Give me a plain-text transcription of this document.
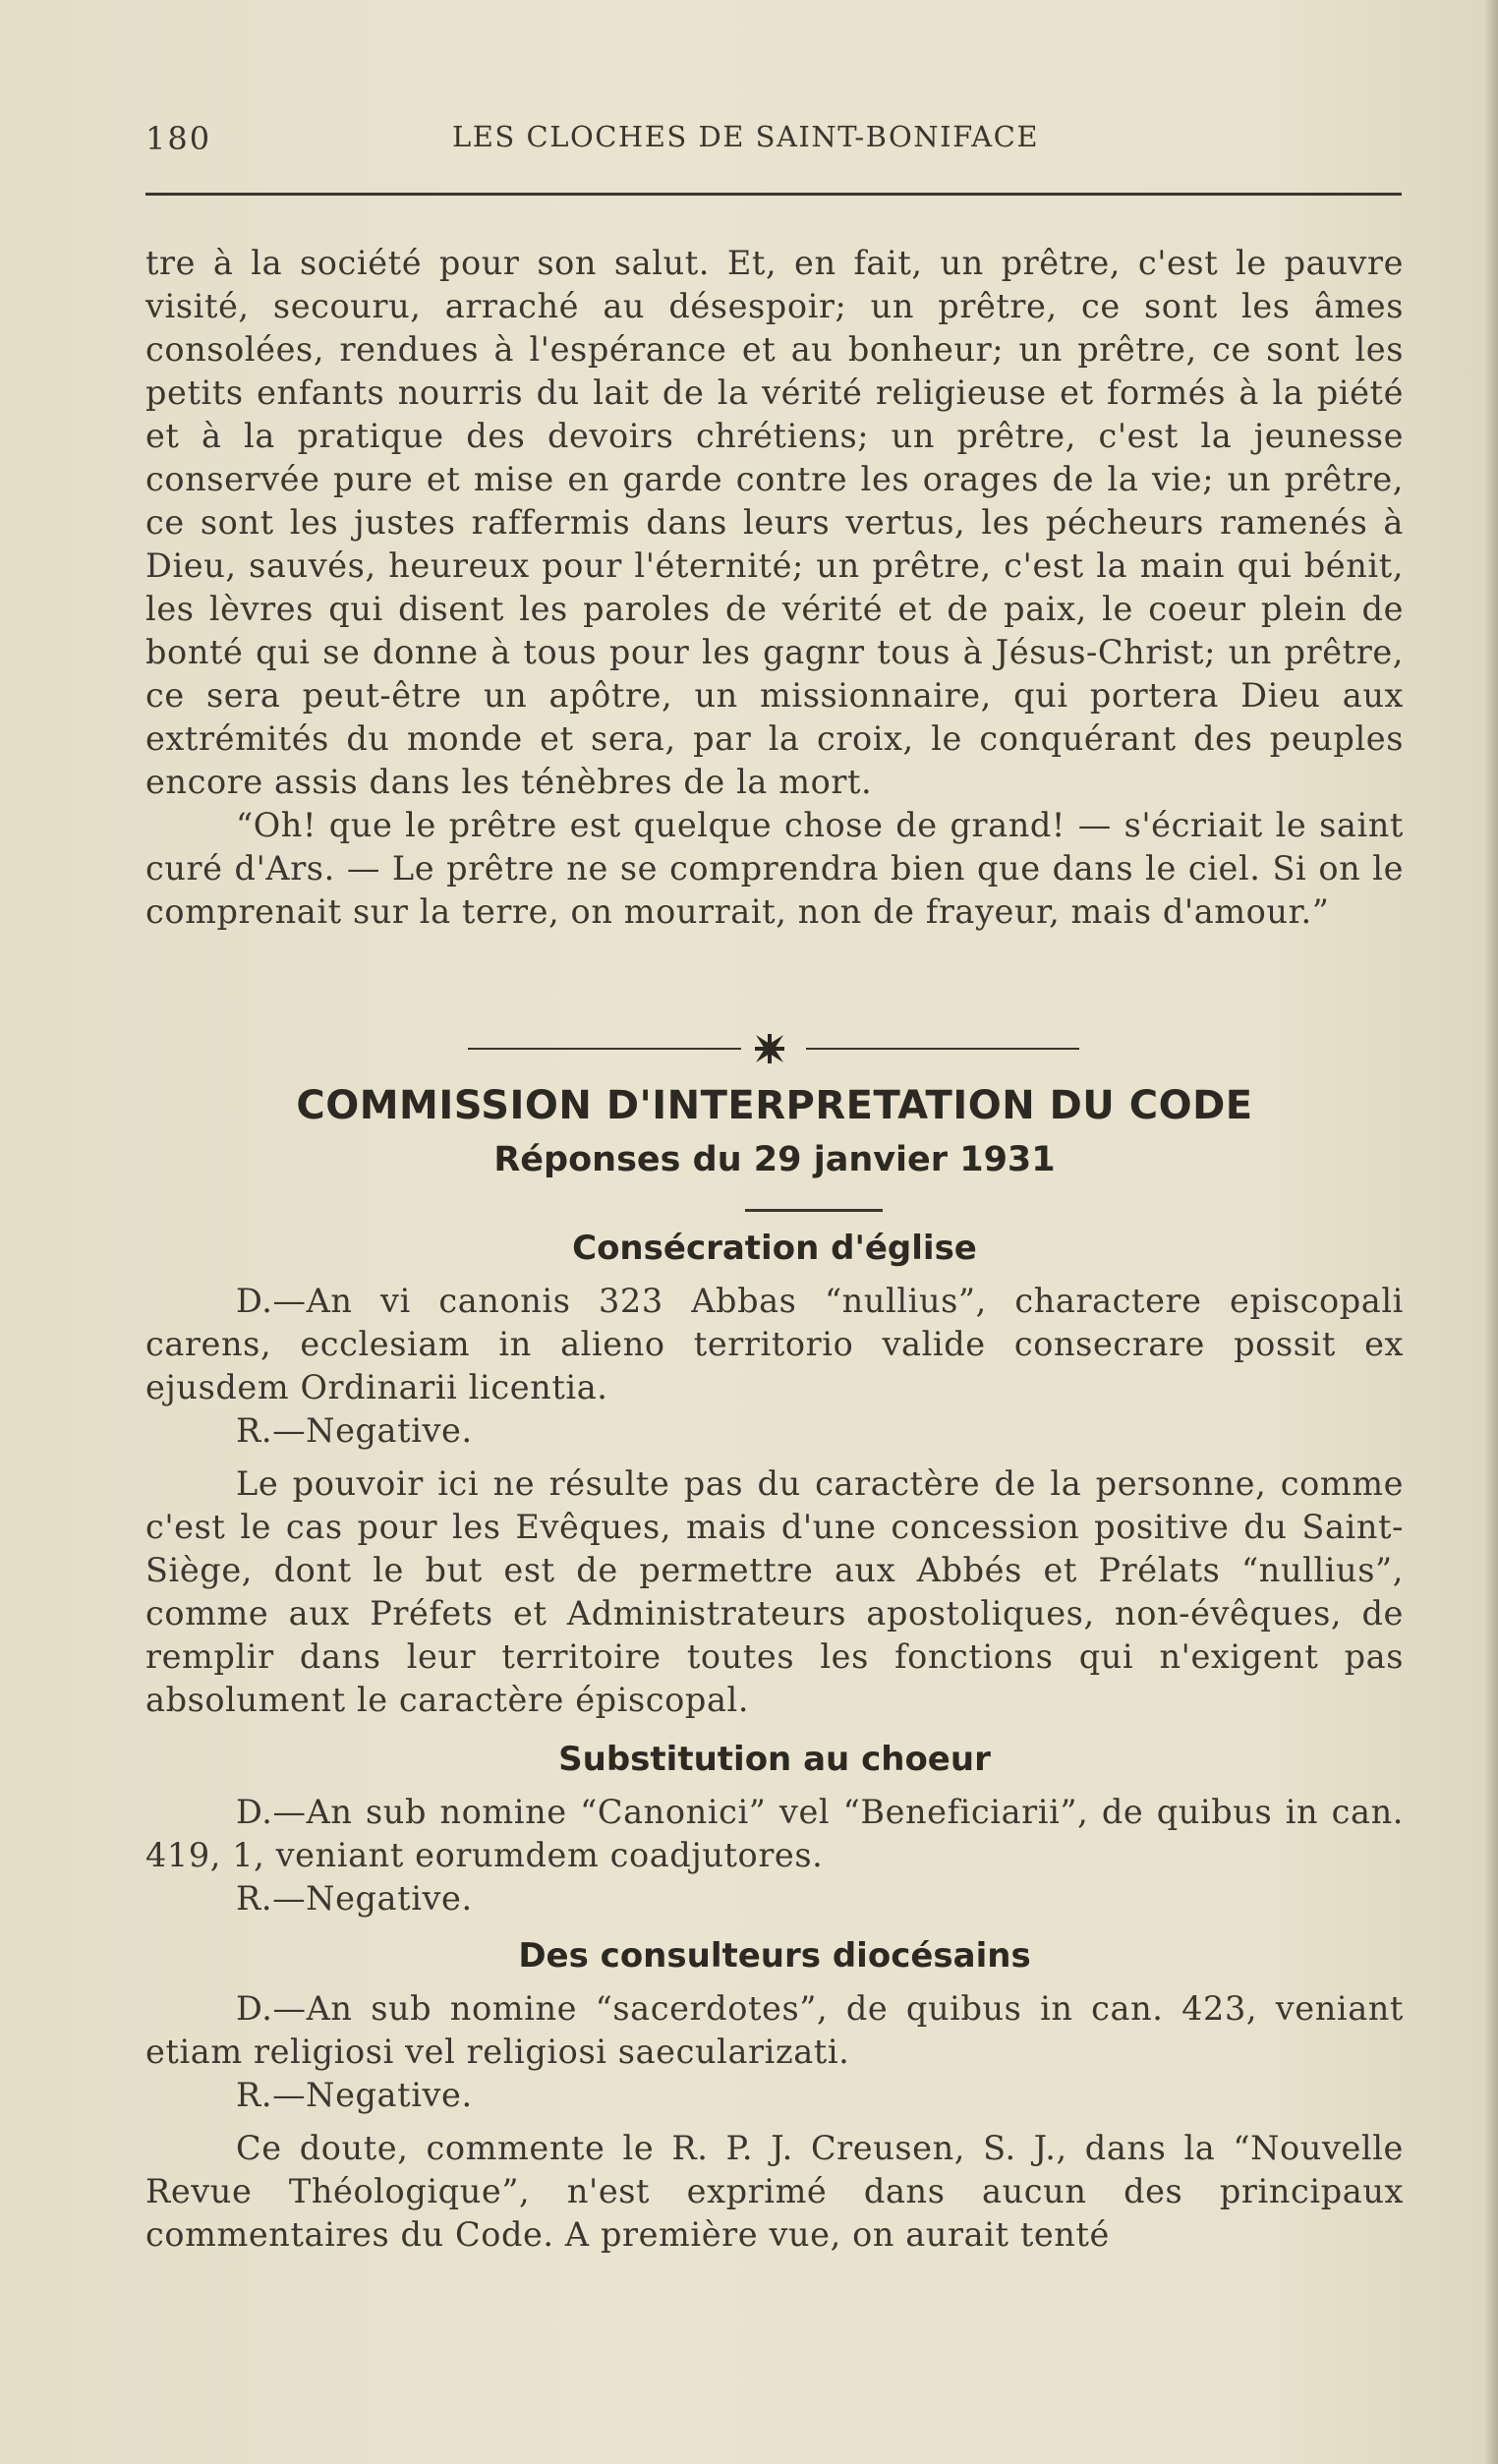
180	LES CLOCHES DE SAINT-BONIFACE

tre à la société pour son salut. Et, en fait, un prêtre, c'est le pauvre visité, secouru, arraché au désespoir; un prêtre, ce sont les âmes consolées, rendues à l'espérance et au bonheur; un prêtre, ce sont les petits enfants nourris du lait de la vérité religieuse et formés à la piété et à la pratique des devoirs chrétiens; un prêtre, c'est la jeunesse conservée pure et mise en garde contre les orages de la vie; un prêtre, ce sont les justes raffermis dans leurs vertus, les pécheurs ramenés à Dieu, sauvés, heureux pour l'éternité; un prêtre, c'est la main qui bénit, les lèvres qui disent les paroles de vérité et de paix, le coeur plein de bonté qui se donne à tous pour les gagnr tous à Jésus-Christ; un prêtre, ce sera peut-être un apôtre, un missionnaire, qui portera Dieu aux extrémités du monde et sera, par la croix, le conquérant des peuples encore assis dans les ténèbres de la mort.

“Oh! que le prêtre est quelque chose de grand! — s'écriait le saint curé d'Ars. — Le prêtre ne se comprendra bien que dans le ciel. Si on le comprenait sur la terre, on mourrait, non de frayeur, mais d'amour.”

COMMISSION D'INTERPRETATION DU CODE
Réponses du 29 janvier 1931
Consécration d'église

D.—An vi canonis 323 Abbas “nullius”, charactere episcopali carens, ecclesiam in alieno territorio valide consecrare possit ex ejusdem Ordinarii licentia.

R.—Negative.

Le pouvoir ici ne résulte pas du caractère de la personne, comme c'est le cas pour les Evêques, mais d'une concession positive du Saint-Siège, dont le but est de permettre aux Abbés et Prélats “nullius”, comme aux Préfets et Administrateurs apostoliques, non-évêques, de remplir dans leur territoire toutes les fonctions qui n'exigent pas absolument le caractère épiscopal.

Substitution au choeur

D.—An sub nomine “Canonici” vel “Beneficiarii”, de quibus in can. 419, 1, veniant eorumdem coadjutores.

R.—Negative.

Des consulteurs diocésains

D.—An sub nomine “sacerdotes”, de quibus in can. 423, veniant etiam religiosi vel religiosi saecularizati.

R.—Negative.

Ce doute, commente le R. P. J. Creusen, S. J., dans la “Nouvelle Revue Théologique”, n'est exprimé dans aucun des principaux commentaires du Code. A première vue, on aurait tenté
